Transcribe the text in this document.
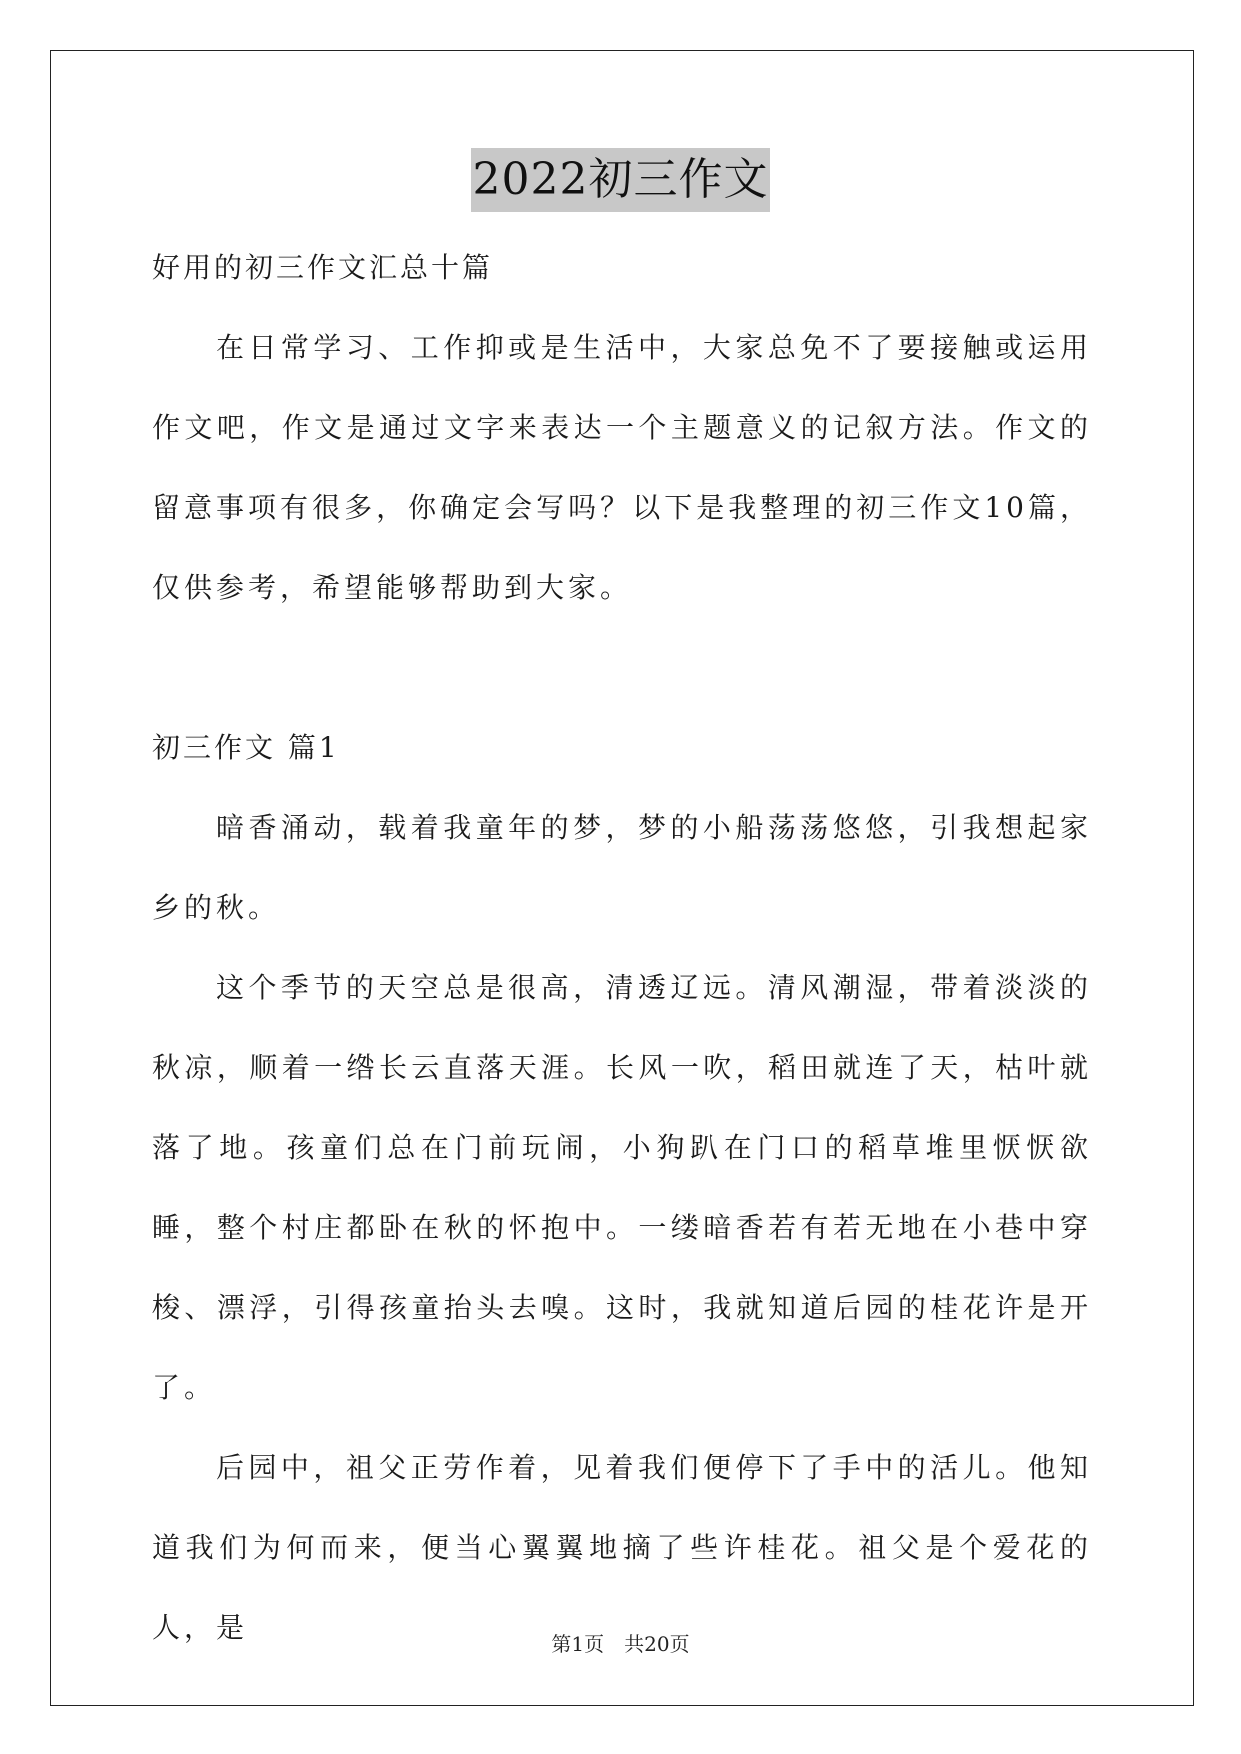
2022初三作文

好用的初三作文汇总十篇

在日常学习、工作抑或是生活中，大家总免不了要接触或运用作文吧，作文是通过文字来表达一个主题意义的记叙方法。作文的留意事项有很多，你确定会写吗？以下是我整理的初三作文10篇，仅供参考，希望能够帮助到大家。

初三作文 篇1

暗香涌动，载着我童年的梦，梦的小船荡荡悠悠，引我想起家乡的秋。

这个季节的天空总是很高，清透辽远。清风潮湿，带着淡淡的秋凉，顺着一绺长云直落天涯。长风一吹，稻田就连了天，枯叶就落了地。孩童们总在门前玩闹，小狗趴在门口的稻草堆里恹恹欲睡，整个村庄都卧在秋的怀抱中。一缕暗香若有若无地在小巷中穿梭、漂浮，引得孩童抬头去嗅。这时，我就知道后园的桂花许是开了。

后园中，祖父正劳作着，见着我们便停下了手中的活儿。他知道我们为何而来，便当心翼翼地摘了些许桂花。祖父是个爱花的人，是	第1页　共20页
